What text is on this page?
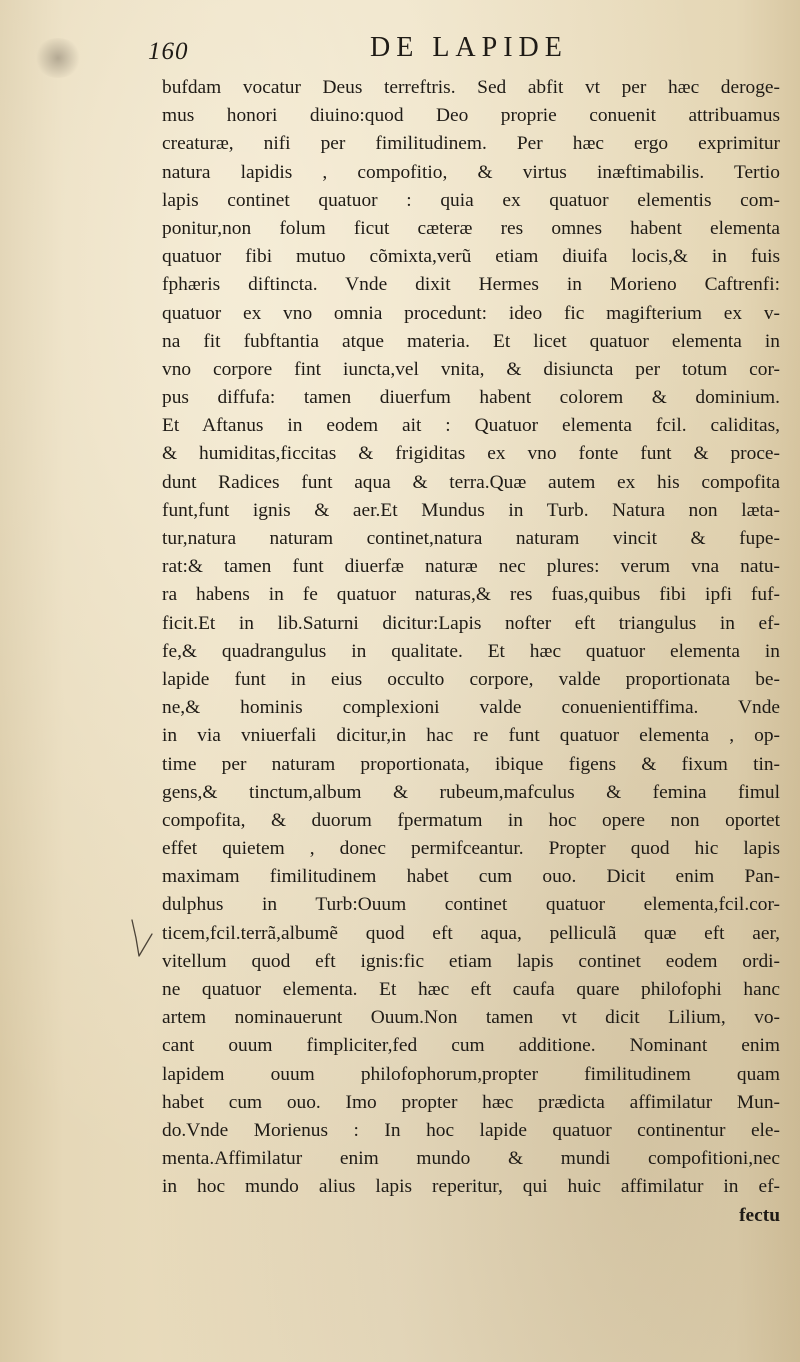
160	DE LAPIDE
bufdam vocatur Deus terreftris. Sed abfit vt per hæc deroge-
mus honori diuino:quod Deo proprie conuenit attribuamus
creaturæ, nifi per fimilitudinem. Per hæc ergo exprimitur
natura lapidis , compofitio, & virtus inæftimabilis. Tertio
lapis continet quatuor : quia ex quatuor elementis com-
ponitur,non folum ficut cæteræ res omnes habent elementa
quatuor fibi mutuo cõmixta,verũ etiam diuifa locis,& in fuis
fphæris diftincta. Vnde dixit Hermes in Morieno Caftrenfi:
quatuor ex vno omnia procedunt: ideo fic magifterium ex v-
na fit fubftantia atque materia. Et licet quatuor elementa in
vno corpore fint iuncta,vel vnita, & disiuncta per totum cor-
pus diffufa: tamen diuerfum habent colorem & dominium.
Et Aftanus in eodem ait : Quatuor elementa fcil. caliditas,
& humiditas,ficcitas & frigiditas ex vno fonte funt & proce-
dunt Radices funt aqua & terra.Quæ autem ex his compofita
funt,funt ignis & aer.Et Mundus in Turb. Natura non læta-
tur,natura naturam continet,natura naturam vincit & fupe-
rat:& tamen funt diuerfæ naturæ nec plures: verum vna natu-
ra habens in fe quatuor naturas,& res fuas,quibus fibi ipfi fuf-
ficit.Et in lib.Saturni dicitur:Lapis nofter eft triangulus in ef-
fe,& quadrangulus in qualitate. Et hæc quatuor elementa in
lapide funt in eius occulto corpore, valde proportionata be-
ne,& hominis complexioni valde conuenientiffima. Vnde
in via vniuerfali dicitur,in hac re funt quatuor elementa , op-
time per naturam proportionata, ibique figens & fixum tin-
gens,& tinctum,album & rubeum,mafculus & femina fimul
compofita, & duorum fpermatum in hoc opere non oportet
effet quietem , donec permifceantur. Propter quod hic lapis
maximam fimilitudinem habet cum ouo. Dicit enim Pan-
dulphus in Turb:Ouum continet quatuor elementa,fcil.cor-
ticem,fcil.terrã,albumẽ quod eft aqua, pelliculã quæ eft aer,
vitellum quod eft ignis:fic etiam lapis continet eodem ordi-
ne quatuor elementa. Et hæc eft caufa quare philofophi hanc
artem nominauerunt Ouum.Non tamen vt dicit Lilium, vo-
cant ouum fimpliciter,fed cum additione. Nominant enim
lapidem ouum philofophorum,propter fimilitudinem quam
habet cum ouo. Imo propter hæc prædicta affimilatur Mun-
do.Vnde Morienus : In hoc lapide quatuor continentur ele-
menta.Affimilatur enim mundo & mundi compofitioni,nec
in hoc mundo alius lapis reperitur, qui huic affimilatur in ef-
fectu
